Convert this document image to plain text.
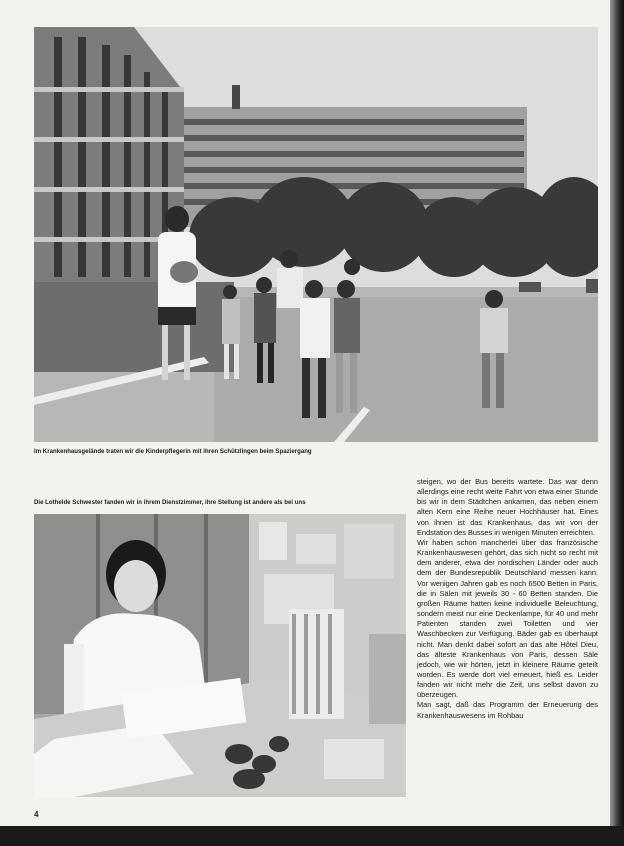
Im Krankenhausgelände traten wir die Kinderpflegerin mit ihren Schützlingen beim Spaziergang

Die Lothelde Schwester fanden wir in ihrem Dienstzimmer, ihre Stellung ist andere als bei uns

steigen, wo der Bus bereits wartete. Das war denn allerdings eine recht weite Fahrt von etwa einer Stunde bis wir in dem Städtchen ankamen, das neben einem alten Kern eine Reihe neuer Hochhäuser hat. Eines von ihnen ist das Krankenhaus, das wir von der Endstation des Busses in wenigen Minuten erreichten.

Wir haben schon mancherlei über das französische Krankenhauswesen gehört, das sich nicht so recht mit dem anderer, etwa der nordischen Länder oder auch dem der Bundesrepublik Deutschland messen kann. Vor wenigen Jahren gab es noch 6500 Betten in Paris, die in Sälen mit jeweils 30 - 60 Betten standen. Die großen Räume hatten keine individuelle Beleuchtung, sondern meist nur eine Deckenlampe, für 40 und mehr Patienten standen zwei Toiletten und vier Waschbecken zur Verfügung. Bäder gab es überhaupt nicht. Man denkt dabei sofort an das alte Hôtel Dieu, das älteste Krankenhaus von Paris, dessen Säle jedoch, wie wir hörten, jetzt in kleinere Räume geteilt worden. Es werde dort viel erneuert, hieß es. Leider fanden wir nicht mehr die Zeit, uns selbst davon zu überzeugen.

Man sagt, daß das Programm der Erneuerung des Krankenhauswesens im Rohbau

4
